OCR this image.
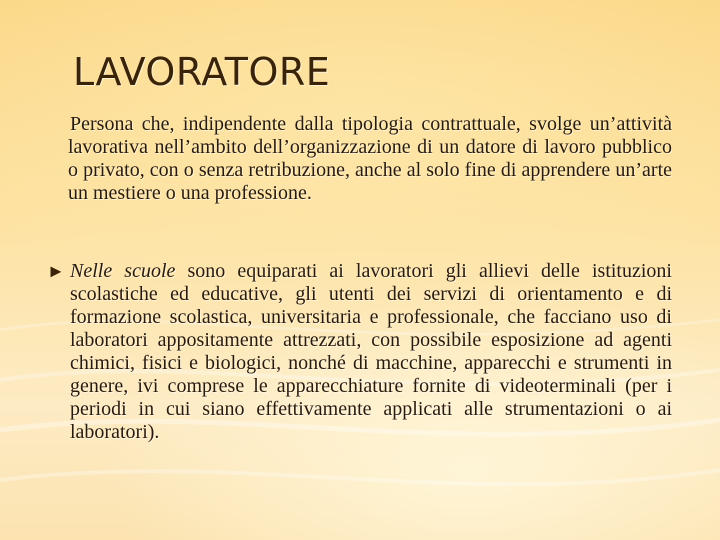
LAVORATORE
Persona che, indipendente dalla tipologia contrattuale, svolge un’attività lavorativa nell’ambito dell’organizzazione di un datore di lavoro pubblico o privato, con o senza retribuzione, anche al solo fine di apprendere un’arte un mestiere o una professione.
► Nelle scuole sono equiparati ai lavoratori gli allievi delle istituzioni scolastiche ed educative, gli utenti dei servizi di orientamento e di formazione scolastica, universitaria e professionale, che facciano uso di laboratori appositamente attrezzati, con possibile esposizione ad agenti chimici, fisici e biologici, nonché di macchine, apparecchi e strumenti in genere, ivi comprese le apparecchiature fornite di videoterminali (per i periodi in cui siano effettivamente applicati alle strumentazioni o ai laboratori).
